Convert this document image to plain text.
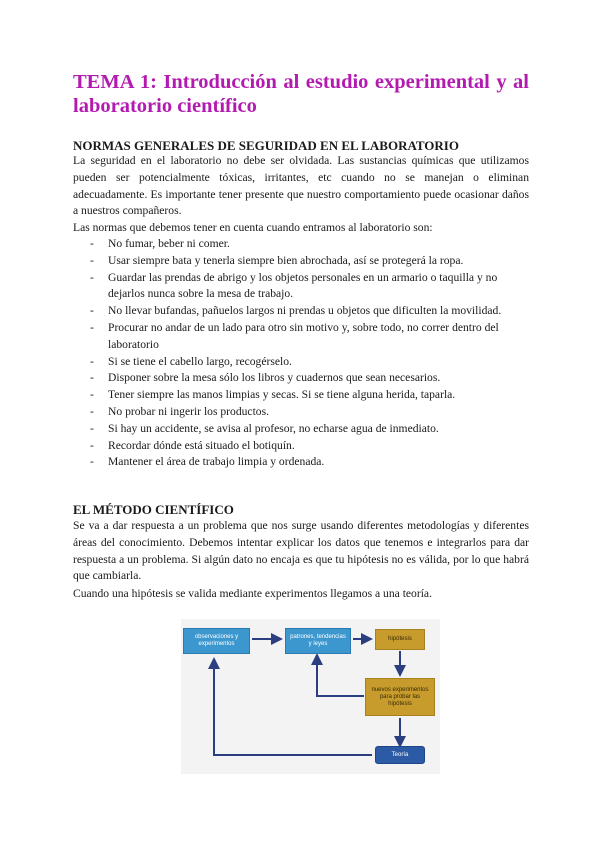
TEMA 1: Introducción al estudio experimental y al laboratorio científico
NORMAS GENERALES DE SEGURIDAD EN EL LABORATORIO

La seguridad en el laboratorio no debe ser olvidada. Las sustancias químicas que utilizamos pueden ser potencialmente tóxicas, irritantes, etc cuando no se manejan o eliminan adecuadamente. Es importante tener presente que nuestro comportamiento puede ocasionar daños a nuestros compañeros.

Las normas que debemos tener en cuenta cuando entramos al laboratorio son:

- No fumar, beber ni comer.
- Usar siempre bata y tenerla siempre bien abrochada, así se protegerá la ropa.
- Guardar las prendas de abrigo y los objetos personales en un armario o taquilla y no dejarlos nunca sobre la mesa de trabajo.
- No llevar bufandas, pañuelos largos ni prendas u objetos que dificulten la movilidad.
- Procurar no andar de un lado para otro sin motivo y, sobre todo, no correr dentro del laboratorio
- Si se tiene el cabello largo, recogérselo.
- Disponer sobre la mesa sólo los libros y cuadernos que sean necesarios.
- Tener siempre las manos limpias y secas. Si se tiene alguna herida, taparla.
- No probar ni ingerir los productos.
- Si hay un accidente, se avisa al profesor, no echarse agua de inmediato.
- Recordar dónde está situado el botiquín.
- Mantener el área de trabajo limpia y ordenada.
EL MÉTODO CIENTÍFICO

Se va a dar respuesta a un problema que nos surge usando diferentes metodologías y diferentes áreas del conocimiento. Debemos intentar explicar los datos que tenemos e integrarlos para dar respuesta a un problema. Si algún dato no encaja es que tu hipótesis no es válida, por lo que habrá que cambiarla.

Cuando una hipótesis se valida mediante experimentos llegamos a una teoría.

observaciones y experimentos
patrones, tendencias y leyes
hipótesis
nuevos experimentos para probar las hipótesis
Teoría
